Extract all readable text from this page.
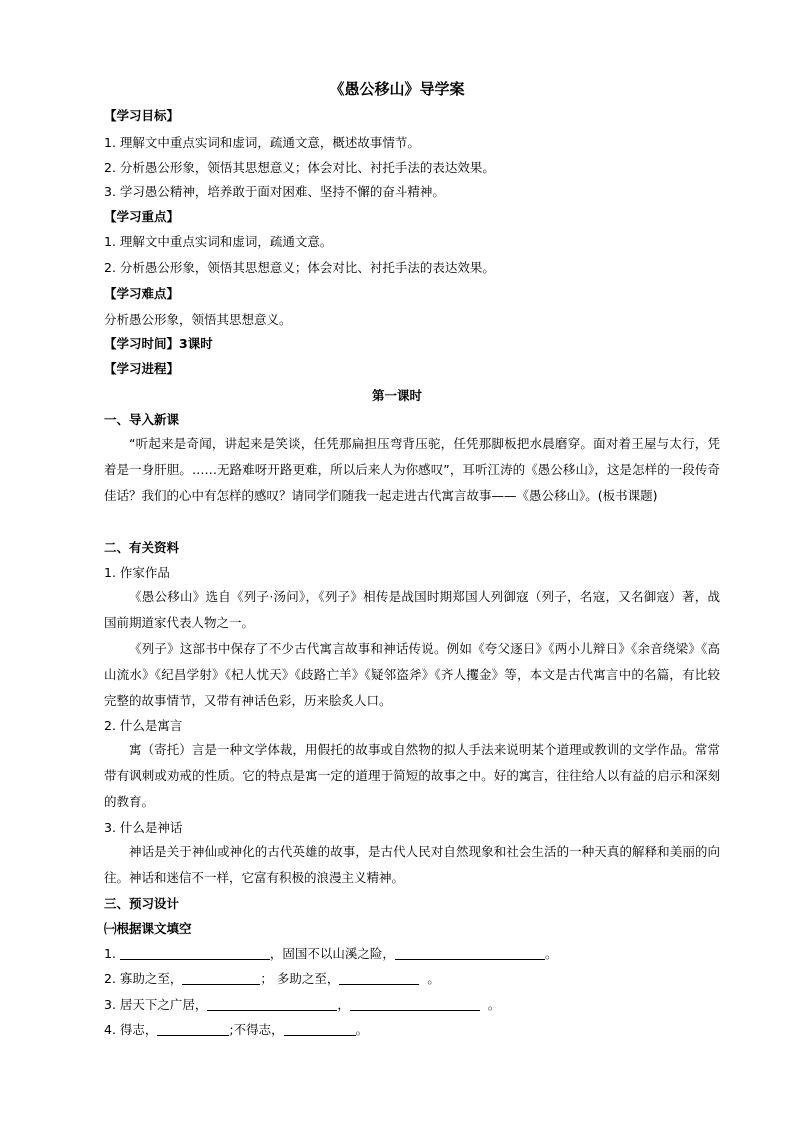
《愚公移山》导学案
【学习目标】
1. 理解文中重点实词和虚词，疏通文意，概述故事情节。
2. 分析愚公形象，领悟其思想意义；体会对比、衬托手法的表达效果。
3. 学习愚公精神，培养敢于面对困难、坚持不懈的奋斗精神。
【学习重点】
1. 理解文中重点实词和虚词，疏通文意。
2. 分析愚公形象，领悟其思想意义；体会对比、衬托手法的表达效果。
【学习难点】
分析愚公形象，领悟其思想意义。
【学习时间】3课时
【学习进程】
第一课时
一、导入新课
“听起来是奇闻，讲起来是笑谈，任凭那扁担压弯背压驼，任凭那脚板把水晨磨穿。面对着王屋与太行，凭着是一身肝胆。……无路难呀开路更难，所以后来人为你感叹”，耳听江涛的《愚公移山》，这是怎样的一段传奇佳话？我们的心中有怎样的感叹？请同学们随我一起走进古代寓言故事——《愚公移山》。(板书课题)
二、有关资料
1. 作家作品
《愚公移山》选自《列子·汤问》，《列子》相传是战国时期郑国人列御寇（列子，名寇，又名御寇）著，战国前期道家代表人物之一。
《列子》这部书中保存了不少古代寓言故事和神话传说。例如《夸父逐日》《两小儿辩日》《余音绕梁》《高山流水》《纪昌学射》《杞人忧天》《歧路亡羊》《疑邻盗斧》《齐人攫金》等，本文是古代寓言中的名篇，有比较完整的故事情节，又带有神话色彩，历来脍炙人口。
2. 什么是寓言
寓（寄托）言是一种文学体裁，用假托的故事或自然物的拟人手法来说明某个道理或教训的文学作品。常常带有讽刺或劝戒的性质。它的特点是寓一定的道理于简短的故事之中。好的寓言，往往给人以有益的启示和深刻的教育。
3. 什么是神话
神话是关于神仙或神化的古代英雄的故事，是古代人民对自然现象和社会生活的一种天真的解释和美丽的向往。神话和迷信不一样，它富有积极的浪漫主义精神。
三、预习设计
㈠根据课文填空
1.	，固国不以山溪之险，	。
2. 寡助之至，	； 多助之至，	。
3. 居天下之广居，	，	。
4. 得志，	;不得志，	。
